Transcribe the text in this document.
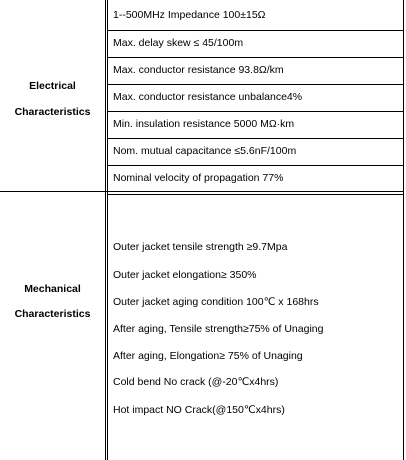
Electrical
Characteristics
1--500MHz Impedance 100±15Ω
Max. delay skew ≤ 45/100m
Max. conductor resistance 93.8Ω/km
Max. conductor resistance unbalance4%
Min. insulation resistance 5000 MΩ·km
Nom. mutual capacitance ≤5.6nF/100m
Nominal velocity of propagation 77%
Mechanical
Characteristics
Outer jacket tensile strength ≥9.7Mpa
Outer jacket elongation≥ 350%
Outer jacket aging condition 100℃ x 168hrs
After aging, Tensile strength≥75% of Unaging
After aging, Elongation≥ 75% of Unaging
Cold bend No crack (@-20℃x4hrs)
Hot impact NO Crack(@150℃x4hrs)
